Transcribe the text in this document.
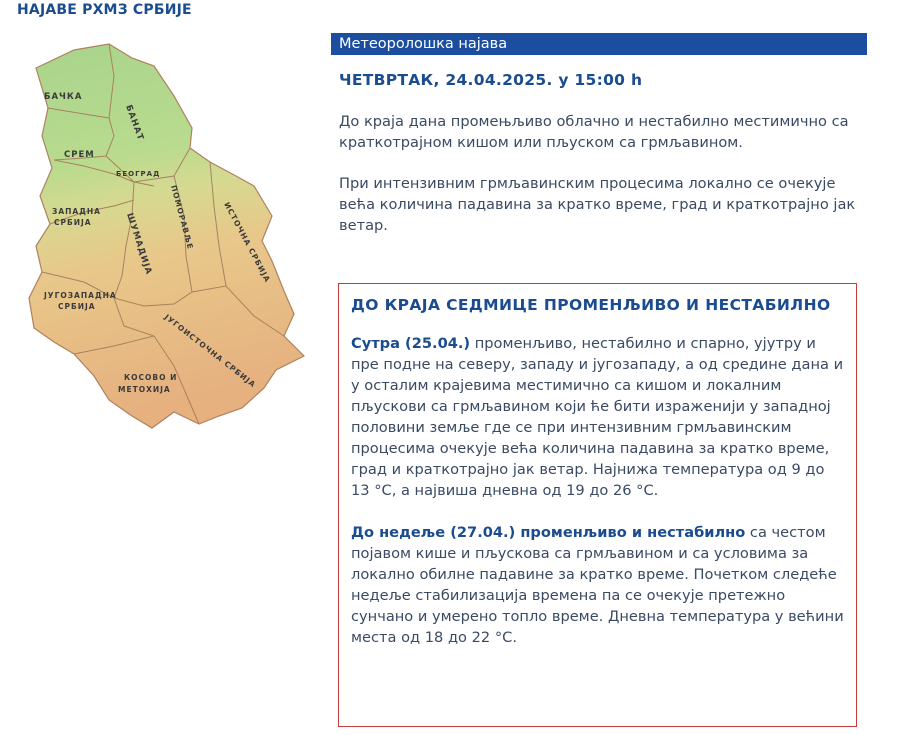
НАЈАВЕ РХМЗ СРБИЈЕ
БАЧКА
БАНАТ
СРЕМ
БЕОГРАД
ЗАПАДНА
СРБИЈА	ШУМАДИЈА ПОМОРАВЉЕ	ИСТОЧНА СРБИЈА
ЈУГОЗАПАДНА
СРБИЈА
ЈУГОИСТОЧНА СРБИЈА
КОСОВО И
МЕТОХИЈА
Метеоролошка најава
ЧЕТВРТАК, 24.04.2025. у 15:00 h
До краја дана промењљиво облачно и нестабилно местимично са краткотрајном кишом или пљуском са грмљавином.
При интензивним грмљавинским процесима локално се очекује већа количина падавина за кратко време, град и краткотрајно јак ветар.
ДО КРАЈА СЕДМИЦЕ ПРОМЕНЉИВО И НЕСТАБИЛНО
Сутра (25.04.) променљиво, нестабилно и спарно, ујутру и пре подне на северу, западу и југозападу, а од средине дана и у осталим крајевима местимично са кишом и локалним пљускови са грмљавином који ће бити израженији у западној половини земље где се при интензивним грмљавинским процесима очекује већа количина падавина за кратко време, град и краткотрајно јак ветар. Најнижа температура од 9 до 13 °C, а највиша дневна од 19 до 26 °C.
До недеље (27.04.) променљиво и нестабилно са честом појавом кише и пљускова са грмљавином и са условима за локално обилне падавине за кратко време. Почетком следеће недеље стабилизација времена па се очекује претежно сунчано и умерено топло време. Дневна температура у већини места од 18 до 22 °C.
